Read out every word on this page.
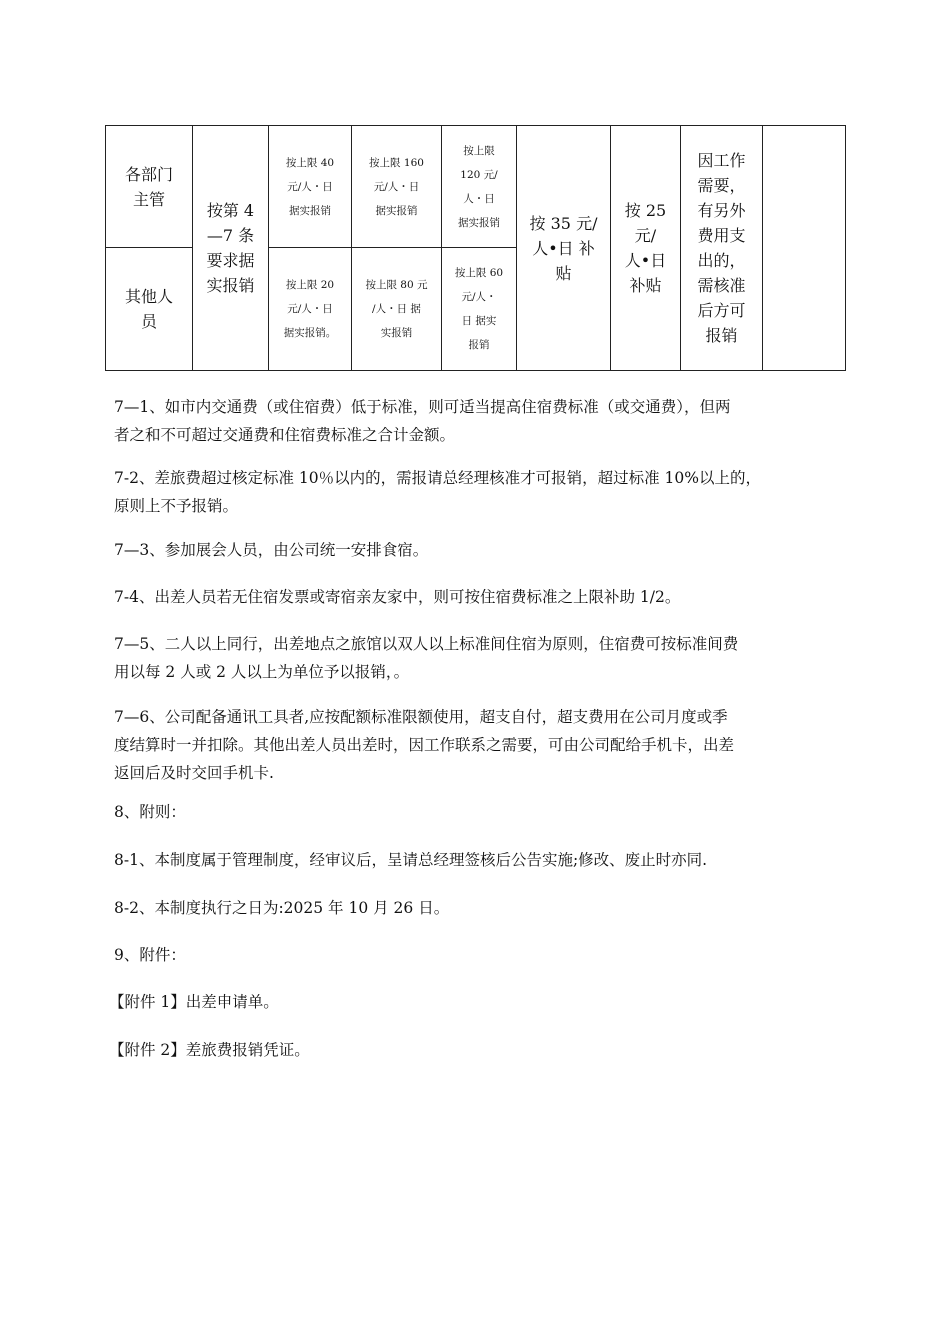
各部门
主管
其他人
员
按第 4
—7 条
要求据
实报销
按上限 40
元/人・日
据实报销
按上限 160
元/人・日
据实报销
按上限
120 元/
人・日
据实报销
按上限 20
元/人・日
据实报销。
按上限 80 元
/人・日 据
实报销
按上限 60
元/人・
日 据实
报销
按 35 元/
人•日 补
贴
按 25
元/
人•日
补贴
因工作
需要，
有另外
费用支
出的，
需核准
后方可
报销
7—1、如市内交通费（或住宿费）低于标准，则可适当提高住宿费标准（或交通费），但两
者之和不可超过交通费和住宿费标准之合计金额。
7-2、差旅费超过核定标准 10％以内的，需报请总经理核准才可报销，超过标准 10%以上的，
原则上不予报销。
7—3、参加展会人员，由公司统一安排食宿。
7-4、出差人员若无住宿发票或寄宿亲友家中，则可按住宿费标准之上限补助 1/2。
7—5、二人以上同行，出差地点之旅馆以双人以上标准间住宿为原则，住宿费可按标准间费
用以每 2 人或 2 人以上为单位予以报销，。
7—6、公司配备通讯工具者,应按配额标准限额使用，超支自付，超支费用在公司月度或季
度结算时一并扣除。其他出差人员出差时，因工作联系之需要，可由公司配给手机卡，出差
返回后及时交回手机卡.
8、附则：
8-1、本制度属于管理制度，经审议后，呈请总经理签核后公告实施;修改、废止时亦同.
8-2、本制度执行之日为:2025 年 10 月 26 日。
9、附件：
【附件 1】出差申请单。
【附件 2】差旅费报销凭证。
